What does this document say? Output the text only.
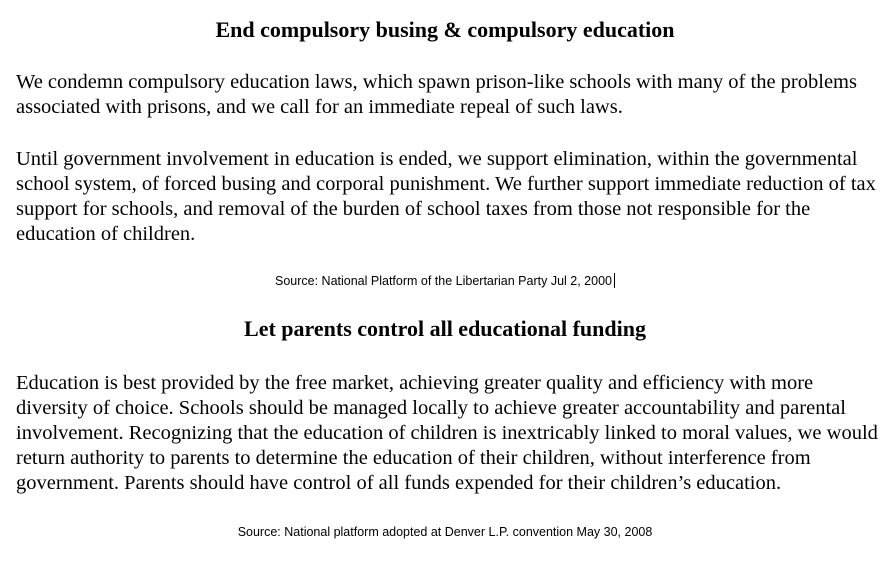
End compulsory busing & compulsory education

We condemn compulsory education laws, which spawn prison-like schools with many of the problems associated with prisons, and we call for an immediate repeal of such laws.

Until government involvement in education is ended, we support elimination, within the governmental school system, of forced busing and corporal punishment. We further support immediate reduction of tax support for schools, and removal of the burden of school taxes from those not responsible for the education of children.

Source: National Platform of the Libertarian Party Jul 2, 2000
Let parents control all educational funding

Education is best provided by the free market, achieving greater quality and efficiency with more diversity of choice. Schools should be managed locally to achieve greater accountability and parental involvement. Recognizing that the education of children is inextricably linked to moral values, we would return authority to parents to determine the education of their children, without interference from government. Parents should have control of all funds expended for their children’s education.

Source: National platform adopted at Denver L.P. convention May 30, 2008
